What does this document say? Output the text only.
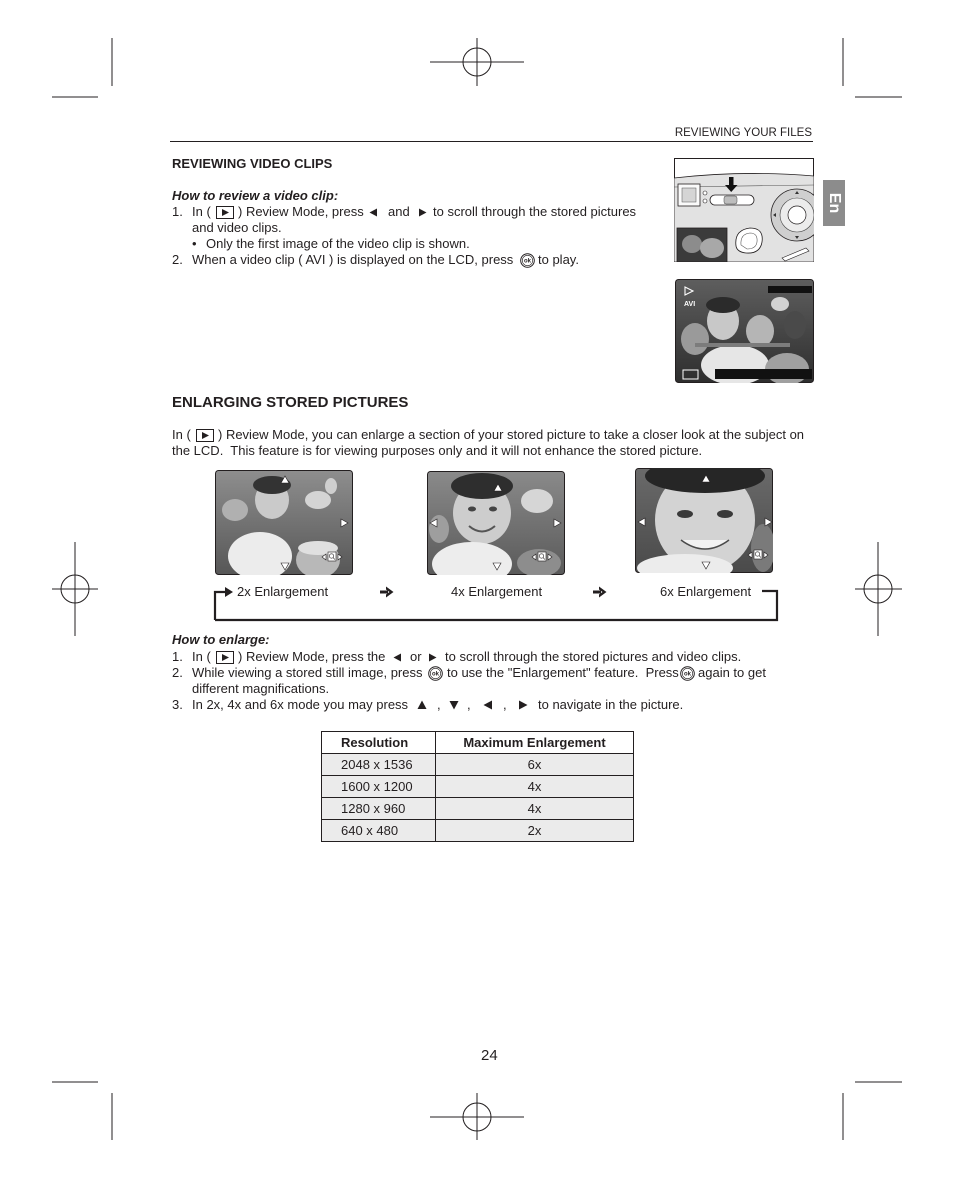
REVIEWING YOUR FILES
En
REVIEWING VIDEO CLIPS
How to review a video clip:
1. In ( ) Review Mode, press and to scroll through the stored pictures
and video clips.
• Only the first image of the video clip is shown.
2. When a video clip ( AVI ) is displayed on the LCD, press ok to play.
AVI
ENLARGING STORED PICTURES
In ( ) Review Mode, you can enlarge a section of your stored picture to take a closer look at the subject on
the LCD.  This feature is for viewing purposes only and it will not enhance the stored picture.
2x Enlargement	4x Enlargement	6x Enlargement
How to enlarge:
1. In ( ) Review Mode, press the or to scroll through the stored pictures and video clips.
2. While viewing a stored still image, press ok to use the "Enlargement" feature.  Press ok again to get
different magnifications.
3. In 2x, 4x and 6x mode you may press , , , to navigate in the picture.
Resolution	Maximum Enlargement
2048 x 1536	6x
1600 x 1200	4x
1280 x 960	4x
640 x 480	2x
24
